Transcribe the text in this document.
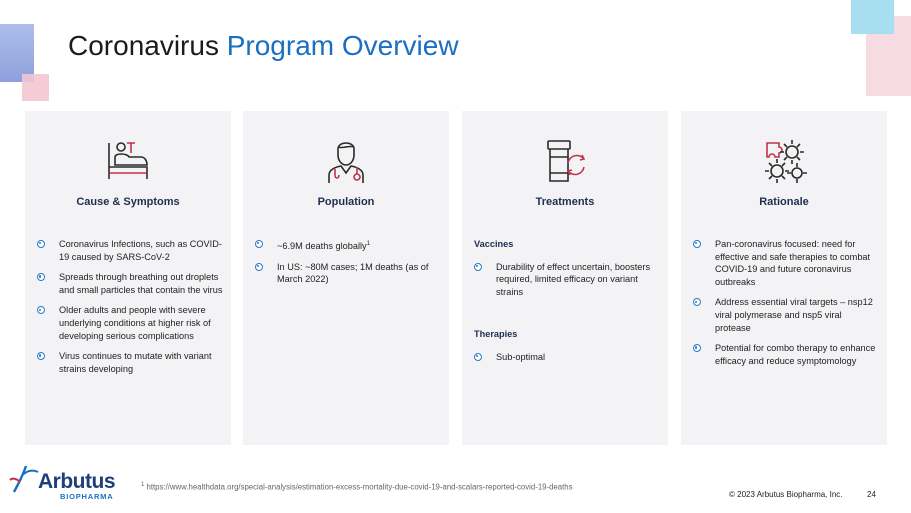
Coronavirus Program Overview
Cause & Symptoms
Coronavirus Infections, such as COVID-19 caused by SARS-CoV-2
Spreads through breathing out droplets and small particles that contain the virus
Older adults and people with severe underlying conditions at higher risk of developing serious complications
Virus continues to mutate with variant strains developing
Population
~6.9M deaths globally$^1$
In US: ~80M cases; 1M deaths (as of March 2022)
Treatments
Vaccines
Durability of effect uncertain, boosters required, limited efficacy on variant strains
Therapies
Sub-optimal
Rationale
Pan-coronavirus focused: need for effective and safe therapies to combat COVID-19 and future coronavirus outbreaks
Address essential viral targets – nsp12 viral polymerase and nsp5 viral protease
Potential for combo therapy to enhance efficacy and reduce symptomology
Arbutus
BIOPHARMA
$^1$ https://www.healthdata.org/special-analysis/estimation-excess-mortality-due-covid-19-and-scalars-reported-covid-19-deaths
© 2023 Arbutus Biopharma, Inc.	24
